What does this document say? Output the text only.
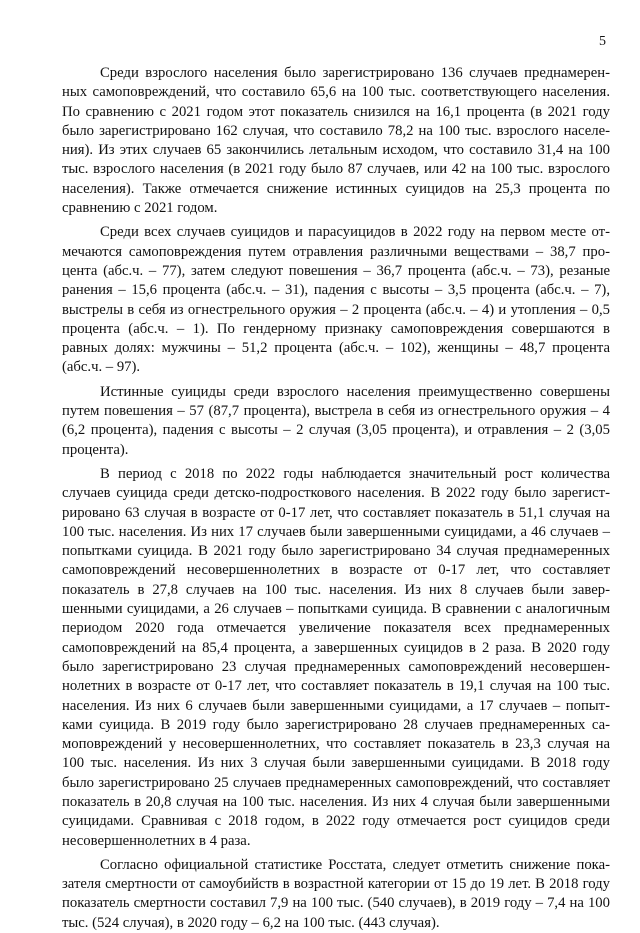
5

Среди взрослого населения было зарегистрировано 136 случаев преднамеренных самоповреждений, что составило 65,6 на 100 тыс. соответствующего населения. По сравнению с 2021 годом этот показатель снизился на 16,1 процента (в 2021 году было зарегистрировано 162 случая, что составило 78,2 на 100 тыс. взрослого населения). Из этих случаев 65 закончились летальным исходом, что составило 31,4 на 100 тыс. взрослого населения (в 2021 году было 87 случаев, или 42 на 100 тыс. взрослого населения). Также отмечается снижение истинных суицидов на 25,3 процента по сравнению с 2021 годом.

Среди всех случаев суицидов и парасуицидов в 2022 году на первом месте отмечаются самоповреждения путем отравления различными веществами – 38,7 процента (абс.ч. – 77), затем следуют повешения – 36,7 процента (абс.ч. – 73), резаные ранения – 15,6 процента (абс.ч. – 31), падения с высоты – 3,5 процента (абс.ч. – 7), выстрелы в себя из огнестрельного оружия – 2 процента (абс.ч. – 4) и утопления – 0,5 процента (абс.ч. – 1). По гендерному признаку самоповреждения совершаются в равных долях: мужчины – 51,2 процента (абс.ч. – 102), женщины – 48,7 процента (абс.ч. – 97).

Истинные суициды среди взрослого населения преимущественно совершены путем повешения – 57 (87,7 процента), выстрела в себя из огнестрельного оружия – 4 (6,2 процента), падения с высоты – 2 случая (3,05 процента), и отравления – 2 (3,05 процента).

В период с 2018 по 2022 годы наблюдается значительный рост количества случаев суицида среди детско-подросткового населения. В 2022 году было зарегистрировано 63 случая в возрасте от 0-17 лет, что составляет показатель в 51,1 случая на 100 тыс. населения. Из них 17 случаев были завершенными суицидами, а 46 случаев – попытками суицида. В 2021 году было зарегистрировано 34 случая преднамеренных самоповреждений несовершеннолетних в возрасте от 0-17 лет, что составляет показатель в 27,8 случаев на 100 тыс. населения. Из них 8 случаев были завершенными суицидами, а 26 случаев – попытками суицида. В сравнении с аналогичным периодом 2020 года отмечается увеличение показателя всех преднамеренных самоповреждений на 85,4 процента, а завершенных суицидов в 2 раза. В 2020 году было зарегистрировано 23 случая преднамеренных самоповреждений несовершеннолетних в возрасте от 0-17 лет, что составляет показатель в 19,1 случая на 100 тыс. населения. Из них 6 случаев были завершенными суицидами, а 17 случаев – попытками суицида. В 2019 году было зарегистрировано 28 случаев преднамеренных самоповреждений у несовершеннолетних, что составляет показатель в 23,3 случая на 100 тыс. населения. Из них 3 случая были завершенными суицидами. В 2018 году было зарегистрировано 25 случаев преднамеренных самоповреждений, что составляет показатель в 20,8 случая на 100 тыс. населения. Из них 4 случая были завершенными суицидами. Сравнивая с 2018 годом, в 2022 году отмечается рост суицидов среди несовершеннолетних в 4 раза.

Согласно официальной статистике Росстата, следует отметить снижение показателя смертности от самоубийств в возрастной категории от 15 до 19 лет. В 2018 году показатель смертности составил 7,9 на 100 тыс. (540 случаев), в 2019 году – 7,4 на 100 тыс. (524 случая), в 2020 году – 6,2 на 100 тыс. (443 случая).
